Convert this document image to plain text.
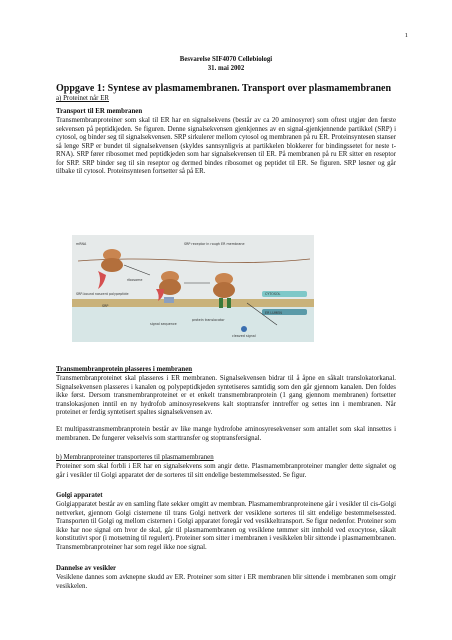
1
Besvarelse SIF4070 Cellebiologi
31. mai 2002
Oppgave 1: Syntese av plasmamembranen. Transport over plasmamembranen
a) Proteinet når ER
Transport til ER membranen
Transmembranproteiner som skal til ER har en signalsekvens (består av ca 20 aminosyrer) som oftest utgjør den første sekvensen på peptidkjeden. Se figuren. Denne signalsekvensen gjenkjennes av en signal-gjenkjennende partikkel (SRP) i cytosol, og binder seg til signalsekvensen. SRP sirkulerer mellom cytosol og membranen på ru ER. Proteinsyntesen stanser så lenge SRP er bundet til signalsekvensen (skyldes sannsynligvis at partikkelen blokkerer for bindingssetet for neste t-RNA). SRP fører ribosomet med peptidkjeden som har signalsekvensen til ER. På membranen på ru ER sitter en reseptor for SRP. SRP binder seg til sin reseptor og dermed bindes ribosomet og peptidet til ER. Se figuren. SRP løsner og går tilbake til cytosol. Proteinsyntesen fortsetter så på ER.
mRNA	SRP receptor in rough ER membrane
ribosome
SRP-bound nascent polypeptide
SRP
CYTOSOL
ER LUMEN
protein translocator
signal sequence
cleaved signal
Transmembranprotein plasseres i membranen
Transmembranproteinet skal plasseres i ER membranen. Signalsekvensen bidrar til å åpne en såkalt translokatorkanal. Signalsekvensen plasseres i kanalen og polypeptidkjeden syntetiseres samtidig som den går gjennom kanalen. Den foldes ikke først. Dersom transmembranproteinet er et enkelt transmembranprotein (1 gang gjennom membranen) fortsetter translokasjonen inntil en ny hydrofob aminosyresekvens kalt stoptransfer inntreffer og settes inn i membranen. Når proteinet er ferdig syntetisert spaltes signalsekvensen av.
Et multipasstransmembranprotein består av like mange hydrofobe aminosyresekvenser som antallet som skal innsettes i membranen. De fungerer vekselvis som starttransfer og stoptransfersignal.
b) Membranproteiner transporteres til plasmamembranen
Proteiner som skal forbli i ER har en signalsekvens som angir dette. Plasmamembranproteiner mangler dette signalet og går i vesikler til Golgi apparatet der de sorteres til sitt endelige bestemmelsessted. Se figur.
Golgi apparatet
Golgiapparatet består av en samling flate sekker omgitt av membran. Plasmamembranproteinene går i vesikler til cis-Golgi nettverket, gjennom Golgi cisternene til trans Golgi nettverk der vesiklene sorteres til sitt endelige bestemmelsessted. Transporten til Golgi og mellom cisternen i Golgi apparatet foregår ved vesikkeltransport. Se figur nedenfor. Proteiner som ikke har noe signal om hvor de skal, går til plasmamembranen og vesiklene tømmer sitt innhold ved exocytose, såkalt konstitutivt spor (i motsetning til regulert). Proteiner som sitter i membranen i vesikkelen blir sittende i plasmamembranen. Transmembranproteiner har som regel ikke noe signal.
Dannelse av vesikler
Vesiklene dannes som avknepne skudd av ER. Proteiner som sitter i ER membranen blir sittende i membranen som omgir vesikkelen.
